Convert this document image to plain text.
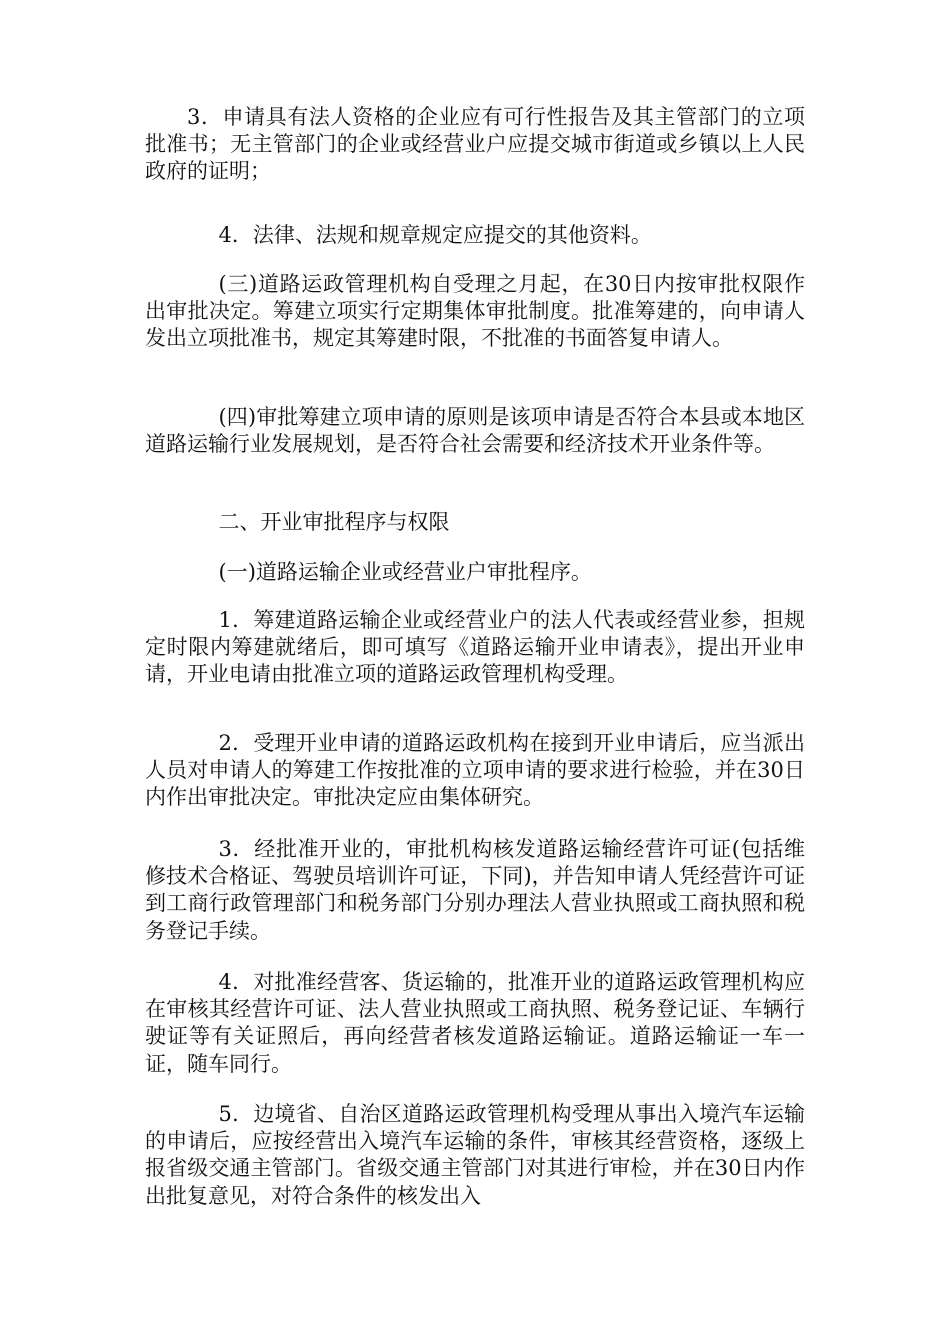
3．申请具有法人资格的企业应有可行性报告及其主管部门的立项批准书；无主管部门的企业或经营业户应提交城市街道或乡镇以上人民政府的证明；

4．法律、法规和规章规定应提交的其他资料。

(三)道路运政管理机构自受理之月起，在30日内按审批权限作出审批决定。筹建立项实行定期集体审批制度。批准筹建的，向申请人发出立项批准书，规定其筹建时限，不批准的书面答复申请人。

(四)审批筹建立项申请的原则是该项申请是否符合本县或本地区道路运输行业发展规划，是否符合社会需要和经济技术开业条件等。

二、开业审批程序与权限

(一)道路运输企业或经营业户审批程序。

1．筹建道路运输企业或经营业户的法人代表或经营业参，担规定时限内筹建就绪后，即可填写《道路运输开业申请表》，提出开业申请，开业电请由批准立项的道路运政管理机构受理。

2．受理开业申请的道路运政机构在接到开业申请后，应当派出人员对申请人的筹建工作按批准的立项申请的要求进行检验，并在30日内作出审批决定。审批决定应由集体研究。

3．经批准开业的，审批机构核发道路运输经营许可证(包括维修技术合格证、驾驶员培训许可证，下同)，并告知申请人凭经营许可证到工商行政管理部门和税务部门分别办理法人营业执照或工商执照和税务登记手续。

4．对批准经营客、货运输的，批准开业的道路运政管理机构应在审核其经营许可证、法人营业执照或工商执照、税务登记证、车辆行驶证等有关证照后，再向经营者核发道路运输证。道路运输证一车一证，随车同行。

5．边境省、自治区道路运政管理机构受理从事出入境汽车运输的申请后，应按经营出入境汽车运输的条件，审核其经营资格，逐级上报省级交通主管部门。省级交通主管部门对其进行审检，并在30日内作出批复意见，对符合条件的核发出入
